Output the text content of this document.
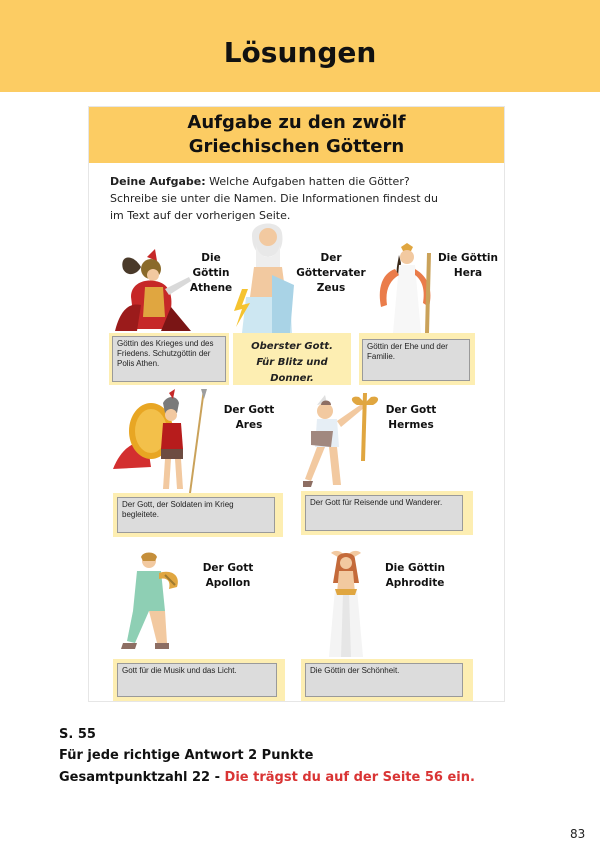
Lösungen
Aufgabe zu den zwölf
Griechischen Göttern
Deine Aufgabe: Welche Aufgaben hatten die Götter? Schreibe sie unter die Namen. Die Informationen findest du im Text auf der vorherigen Seite.
Die Göttin
Athene
Der Göttervater
Zeus
Die Göttin
Hera
Göttin des Krieges und des Friedens. Schutzgöttin der Polis Athen.
Oberster Gott.
Für Blitz und Donner.
Göttin der Ehe und der Familie.
Der Gott
Ares
Der Gott
Hermes
Der Gott, der Soldaten im Krieg begleitete.
Der Gott für Reisende und Wanderer.
Der Gott
Apollon
Die Göttin
Aphrodite
Gott für die Musik und das Licht.	Die Göttin der Schönheit.
S. 55
Für jede richtige Antwort 2 Punkte
Gesamtpunktzahl 22 - Die trägst du auf der Seite 56 ein.
83
